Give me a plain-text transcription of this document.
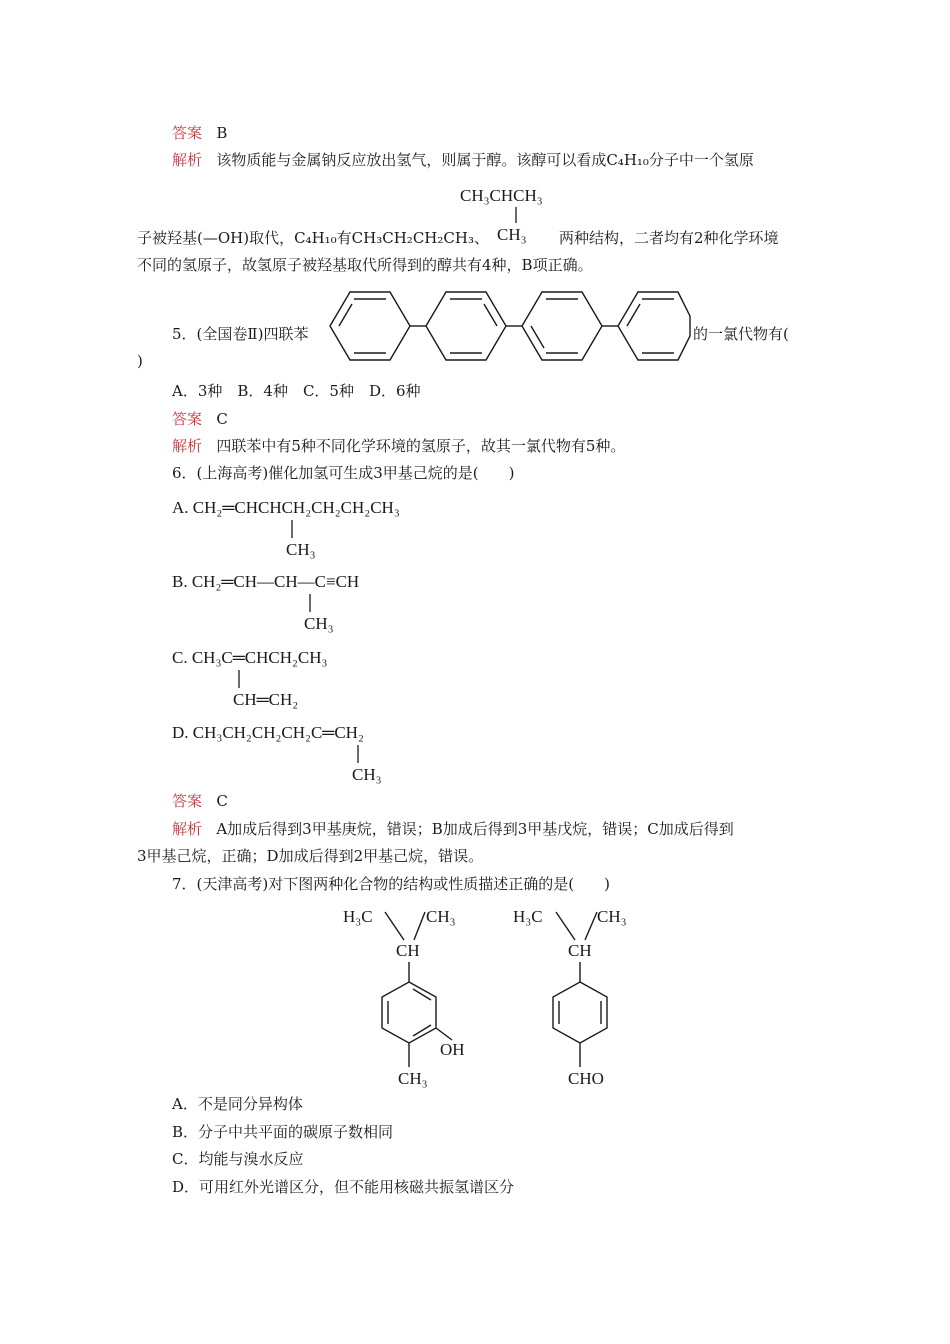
答案 B
解析 该物质能与金属钠反应放出氢气，则属于醇。该醇可以看成C₄H₁₀分子中一个氢原
CH₃CHCH₃
CH₃
子被羟基(—OH)取代，C₄H₁₀有CH₃CH₂CH₂CH₃、	两种结构，二者均有2种化学环境
不同的氢原子，故氢原子被羟基取代所得到的醇共有4种，B项正确。
5．(全国卷Ⅱ)四联苯	的一氯代物有(
)
A．3种　B．4种　C．5种　D．6种
答案 C
解析 四联苯中有5种不同化学环境的氢原子，故其一氯代物有5种。
6．(上海高考)催化加氢可生成3甲基己烷的是(　　)
A. CH₂═CHCHCH₂CH₂CH₂CH₃
CH₃
B. CH₂═CH—CH—C≡CH
CH₃
C. CH₃C═CHCH₂CH₃
CH═CH₂
D. CH₃CH₂CH₂CH₂C═CH₂
CH₃
答案 C
解析 A加成后得到3甲基庚烷，错误；B加成后得到3甲基戊烷，错误；C加成后得到
3甲基己烷，正确；D加成后得到2甲基己烷，错误。
7．(天津高考)对下图两种化合物的结构或性质描述正确的是(　　)
H₃C	CH₃
CH
OH
CH₃
H₃C	CH₃
CH
CHO
A．不是同分异构体
B．分子中共平面的碳原子数相同
C．均能与溴水反应
D．可用红外光谱区分，但不能用核磁共振氢谱区分
